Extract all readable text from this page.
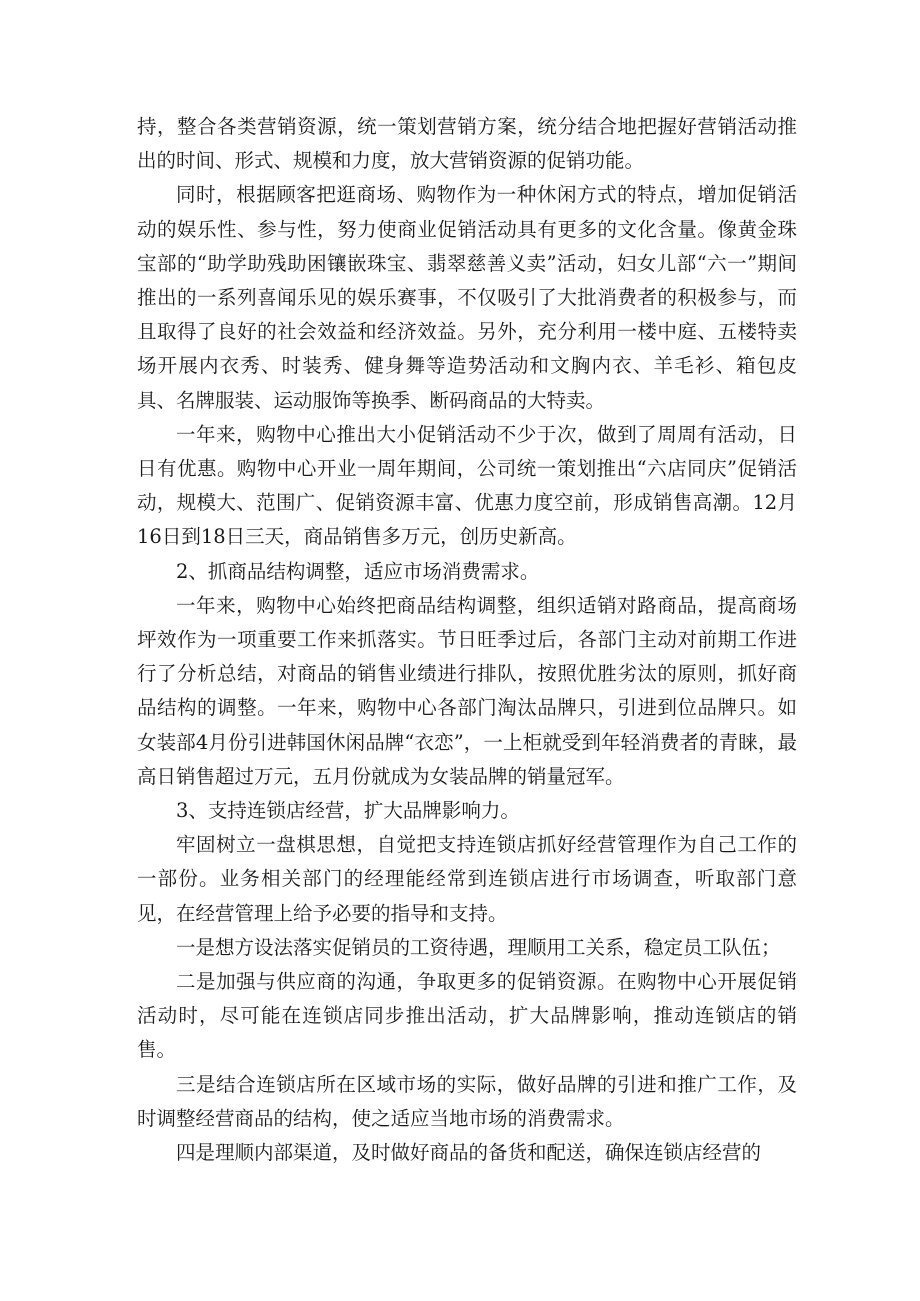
持，整合各类营销资源，统一策划营销方案，统分结合地把握好营销活动推出的时间、形式、规模和力度，放大营销资源的促销功能。

同时，根据顾客把逛商场、购物作为一种休闲方式的特点，增加促销活动的娱乐性、参与性，努力使商业促销活动具有更多的文化含量。像黄金珠宝部的“助学助残助困镶嵌珠宝、翡翠慈善义卖”活动，妇女儿部“六一”期间推出的一系列喜闻乐见的娱乐赛事，不仅吸引了大批消费者的积极参与，而且取得了良好的社会效益和经济效益。另外，充分利用一楼中庭、五楼特卖场开展内衣秀、时装秀、健身舞等造势活动和文胸内衣、羊毛衫、箱包皮具、名牌服装、运动服饰等换季、断码商品的大特卖。

一年来，购物中心推出大小促销活动不少于次，做到了周周有活动，日日有优惠。购物中心开业一周年期间，公司统一策划推出“六店同庆”促销活动，规模大、范围广、促销资源丰富、优惠力度空前，形成销售高潮。12月16日到18日三天，商品销售多万元，创历史新高。

2、抓商品结构调整，适应市场消费需求。

一年来，购物中心始终把商品结构调整，组织适销对路商品，提高商场坪效作为一项重要工作来抓落实。节日旺季过后，各部门主动对前期工作进行了分析总结，对商品的销售业绩进行排队，按照优胜劣汰的原则，抓好商品结构的调整。一年来，购物中心各部门淘汰品牌只，引进到位品牌只。如女装部4月份引进韩国休闲品牌“衣恋”，一上柜就受到年轻消费者的青睐，最高日销售超过万元，五月份就成为女装品牌的销量冠军。

3、支持连锁店经营，扩大品牌影响力。

牢固树立一盘棋思想，自觉把支持连锁店抓好经营管理作为自己工作的一部份。业务相关部门的经理能经常到连锁店进行市场调查，听取部门意见，在经营管理上给予必要的指导和支持。

一是想方设法落实促销员的工资待遇，理顺用工关系，稳定员工队伍；

二是加强与供应商的沟通，争取更多的促销资源。在购物中心开展促销活动时，尽可能在连锁店同步推出活动，扩大品牌影响，推动连锁店的销售。

三是结合连锁店所在区域市场的实际，做好品牌的引进和推广工作，及时调整经营商品的结构，使之适应当地市场的消费需求。

四是理顺内部渠道，及时做好商品的备货和配送，确保连锁店经营的
